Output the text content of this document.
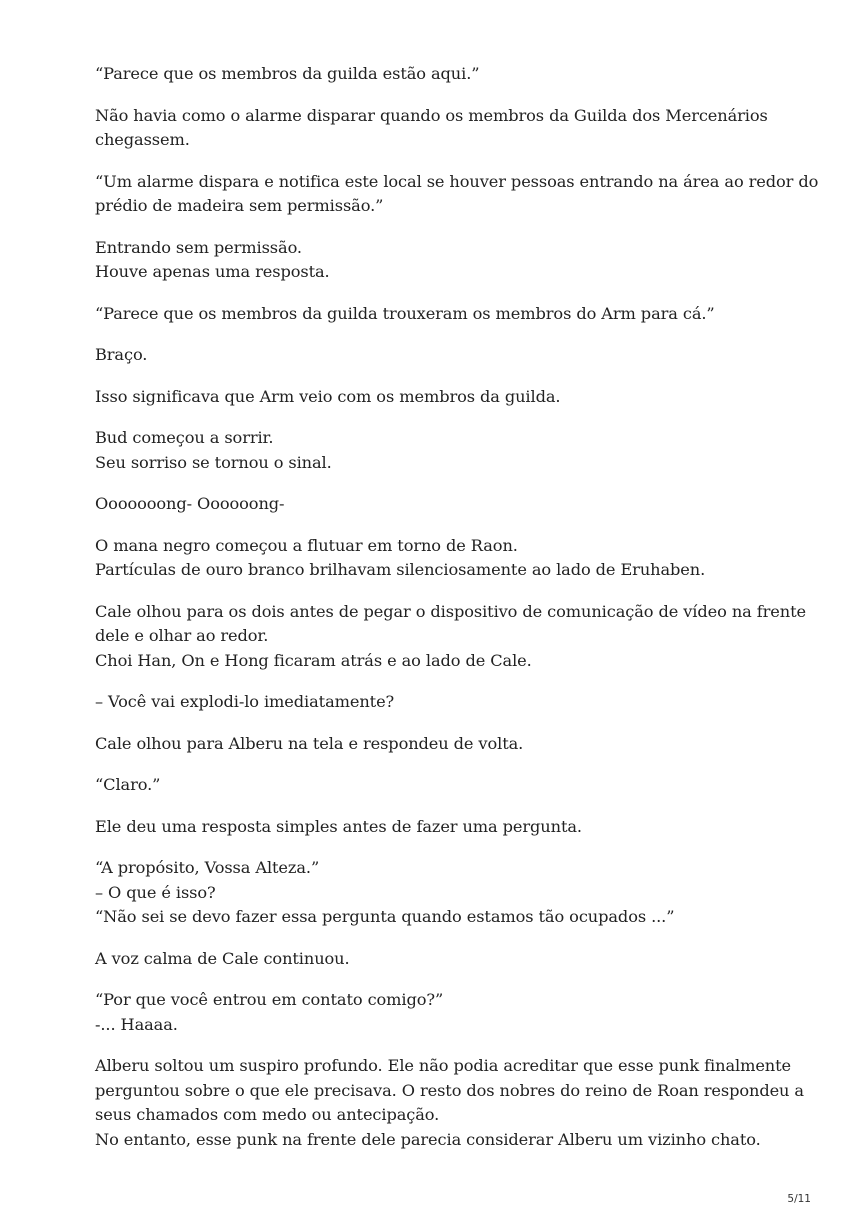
“Parece que os membros da guilda estão aqui.”

Não havia como o alarme disparar quando os membros da Guilda dos Mercenários
chegassem.

“Um alarme dispara e notifica este local se houver pessoas entrando na área ao redor do
prédio de madeira sem permissão.”

Entrando sem permissão.
Houve apenas uma resposta.

“Parece que os membros da guilda trouxeram os membros do Arm para cá.”

Braço.

Isso significava que Arm veio com os membros da guilda.

Bud começou a sorrir.
Seu sorriso se tornou o sinal.

Ooooooong- Oooooong-

O mana negro começou a flutuar em torno de Raon.
Partículas de ouro branco brilhavam silenciosamente ao lado de Eruhaben.

Cale olhou para os dois antes de pegar o dispositivo de comunicação de vídeo na frente
dele e olhar ao redor.
Choi Han, On e Hong ficaram atrás e ao lado de Cale.

– Você vai explodi-lo imediatamente?

Cale olhou para Alberu na tela e respondeu de volta.

“Claro.”

Ele deu uma resposta simples antes de fazer uma pergunta.

“A propósito, Vossa Alteza.”
– O que é isso?
“Não sei se devo fazer essa pergunta quando estamos tão ocupados ...”

A voz calma de Cale continuou.

“Por que você entrou em contato comigo?”
-... Haaaa.

Alberu soltou um suspiro profundo. Ele não podia acreditar que esse punk finalmente
perguntou sobre o que ele precisava. O resto dos nobres do reino de Roan respondeu a
seus chamados com medo ou antecipação.
No entanto, esse punk na frente dele parecia considerar Alberu um vizinho chato.

5/11
